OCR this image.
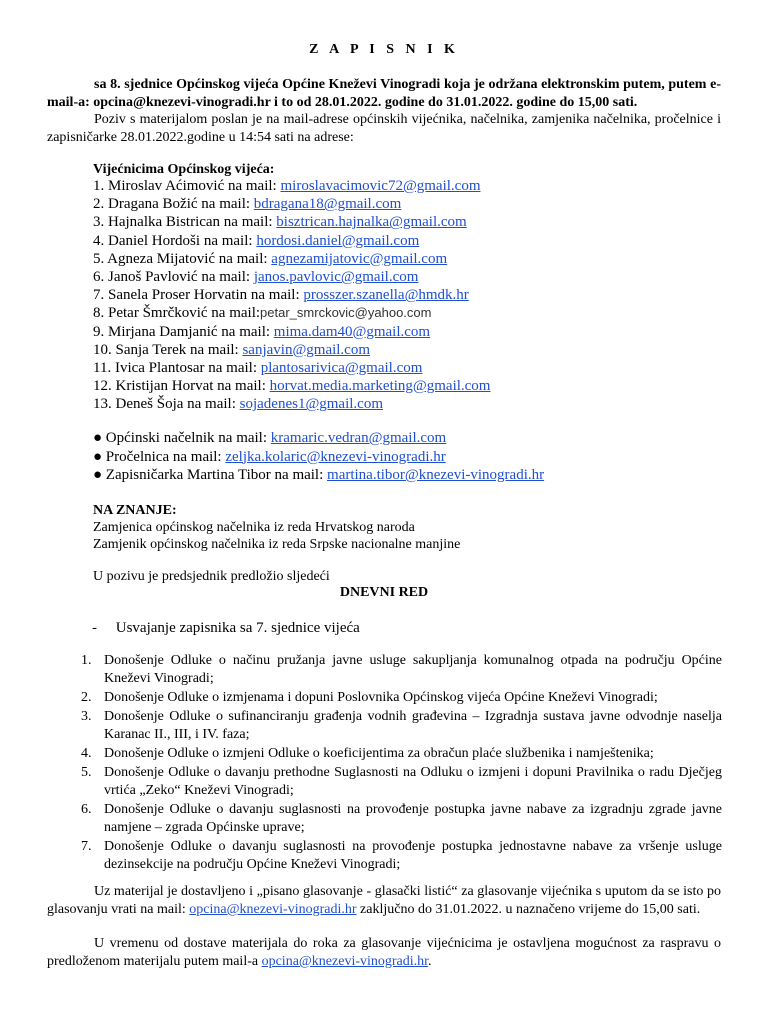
Z A P I S N I K
sa 8. sjednice Općinskog vijeća Općine Kneževi Vinogradi koja je održana elektronskim putem, putem e-mail-a: opcina@knezevi-vinogradi.hr i to od 28.01.2022. godine do 31.01.2022. godine do 15,00 sati.
Poziv s materijalom poslan je na mail-adrese općinskih vijećnika, načelnika, zamjenika načelnika, pročelnice i zapisničarke 28.01.2022.godine u 14:54 sati na adrese:
Vijećnicima Općinskog vijeća:
1. Miroslav Aćimović na mail: miroslavacimovic72@gmail.com
2. Dragana Božić na mail: bdragana18@gmail.com
3. Hajnalka Bistrican na mail: bisztrican.hajnalka@gmail.com
4. Daniel Hordoši na mail: hordosi.daniel@gmail.com
5. Agneza Mijatović na mail: agnezamijatovic@gmail.com
6. Janoš Pavlović na mail: janos.pavlovic@gmail.com
7. Sanela Proser Horvatin na mail: prosszer.szanella@hmdk.hr
8. Petar Šmrčković na mail:petar_smrckovic@yahoo.com
9. Mirjana Damjanić na mail: mima.dam40@gmail.com
10. Sanja Terek na mail: sanjavin@gmail.com
11. Ivica Plantosar na mail: plantosarivica@gmail.com
12. Kristijan Horvat na mail: horvat.media.marketing@gmail.com
13. Deneš Šoja na mail: sojadenes1@gmail.com
● Općinski načelnik na mail: kramaric.vedran@gmail.com
● Pročelnica na mail: zeljka.kolaric@knezevi-vinogradi.hr
● Zapisničarka Martina Tibor na mail: martina.tibor@knezevi-vinogradi.hr
NA ZNANJE:
Zamjenica općinskog načelnika iz reda Hrvatskog naroda
Zamjenik općinskog načelnika iz reda Srpske nacionalne manjine
U pozivu je predsjednik predložio sljedeći
DNEVNI RED
-     Usvajanje zapisnika sa 7. sjednice vijeća
1. Donošenje Odluke o načinu pružanja javne usluge sakupljanja komunalnog otpada na području Općine Kneževi Vinogradi;
2. Donošenje Odluke o izmjenama i dopuni Poslovnika Općinskog vijeća Općine Kneževi Vinogradi;
3. Donošenje Odluke o sufinanciranju građenja vodnih građevina – Izgradnja sustava javne odvodnje naselja Karanac II., III, i IV. faza;
4. Donošenje Odluke o izmjeni Odluke o koeficijentima za obračun plaće službenika i namještenika;
5. Donošenje Odluke o davanju prethodne Suglasnosti na Odluku o izmjeni i dopuni Pravilnika o radu Dječjeg vrtića „Zeko“ Kneževi Vinogradi;
6. Donošenje Odluke o davanju suglasnosti na provođenje postupka javne nabave za izgradnju zgrade javne namjene – zgrada Općinske uprave;
7. Donošenje Odluke o davanju suglasnosti na provođenje postupka jednostavne nabave za vršenje usluge dezinsekcije na području Općine Kneževi Vinogradi;
Uz materijal je dostavljeno i „pisano glasovanje - glasački listić“ za glasovanje vijećnika s uputom da se isto po glasovanju vrati na mail: opcina@knezevi-vinogradi.hr zaključno do 31.01.2022. u naznačeno vrijeme do 15,00 sati.
U vremenu od dostave materijala do roka za glasovanje vijećnicima je ostavljena mogućnost za raspravu o predloženom materijalu putem mail-a opcina@knezevi-vinogradi.hr.
